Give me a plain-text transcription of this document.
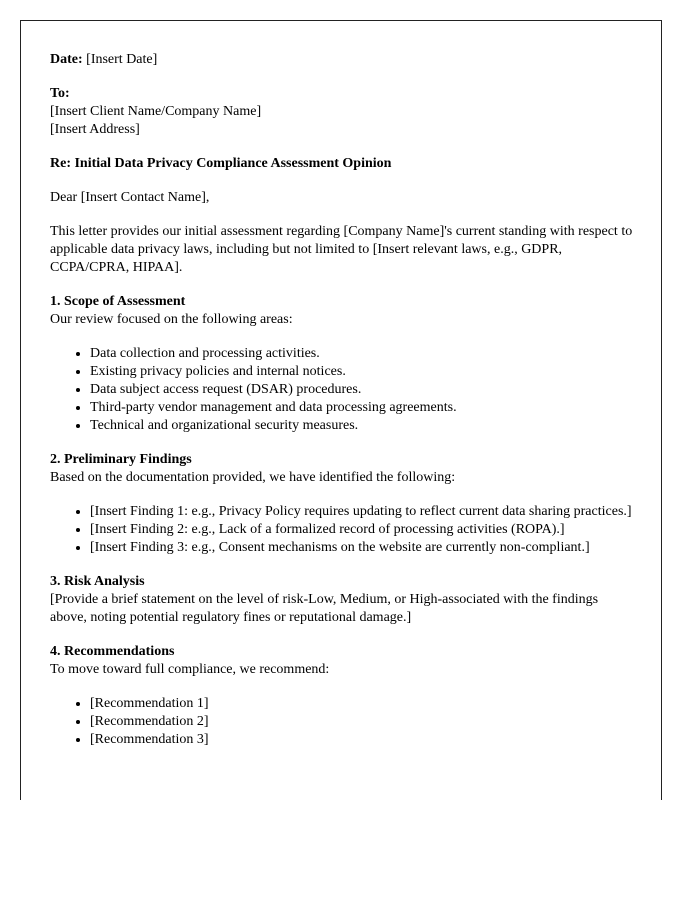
Date: [Insert Date]

To:
[Insert Client Name/Company Name]
[Insert Address]

Re: Initial Data Privacy Compliance Assessment Opinion

Dear [Insert Contact Name],

This letter provides our initial assessment regarding [Company Name]'s current standing with respect to applicable data privacy laws, including but not limited to [Insert relevant laws, e.g., GDPR, CCPA/CPRA, HIPAA].

1. Scope of Assessment
Our review focused on the following areas:

• Data collection and processing activities.
• Existing privacy policies and internal notices.
• Data subject access request (DSAR) procedures.
• Third-party vendor management and data processing agreements.
• Technical and organizational security measures.

2. Preliminary Findings
Based on the documentation provided, we have identified the following:

• [Insert Finding 1: e.g., Privacy Policy requires updating to reflect current data sharing practices.]
• [Insert Finding 2: e.g., Lack of a formalized record of processing activities (ROPA).]
• [Insert Finding 3: e.g., Consent mechanisms on the website are currently non-compliant.]

3. Risk Analysis
[Provide a brief statement on the level of risk-Low, Medium, or High-associated with the findings above, noting potential regulatory fines or reputational damage.]

4. Recommendations
To move toward full compliance, we recommend:

• [Recommendation 1]
• [Recommendation 2]
• [Recommendation 3]
